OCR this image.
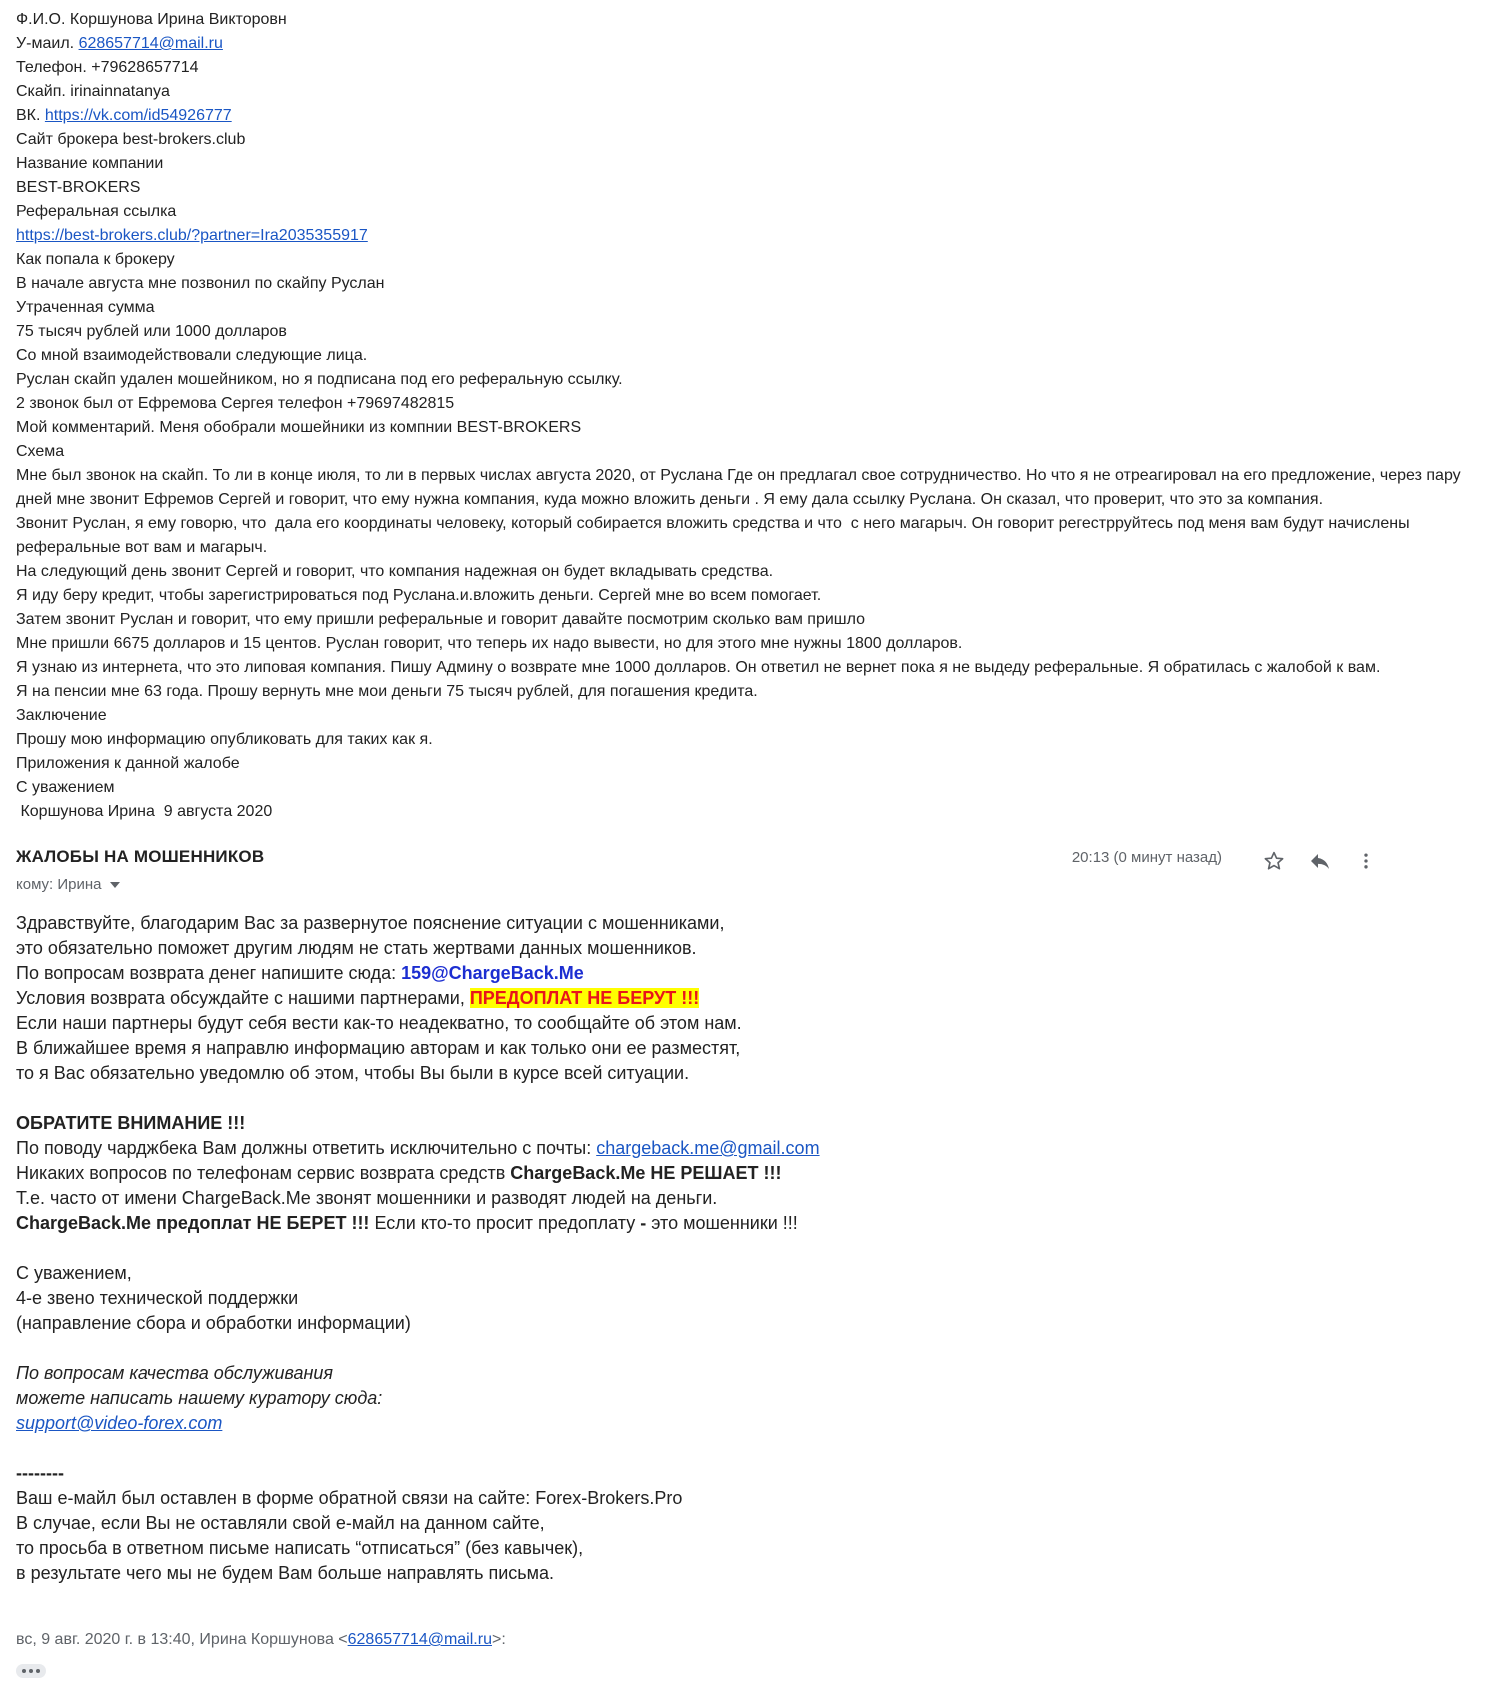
Ф.И.О. Коршунова Ирина Викторовн
У-маил. 628657714@mail.ru
Телефон. +79628657714
Скайп. irinainnatanya
ВК. https://vk.com/id54926777
Сайт брокера best-brokers.club
Название компании
BEST-BROKERS
Реферальная ссылка
https://best-brokers.club/?partner=Ira2035355917
Как попала к брокеру
В начале августа мне позвонил по скайпу Руслан
Утраченная сумма
75 тысяч рублей или 1000 долларов
Со мной взаимодействовали следующие лица.
Руслан скайп удален мошейником, но я подписана под его реферальную ссылку.
2 звонок был от Ефремова Сергея телефон +79697482815
Мой комментарий. Меня обобрали мошейники из компнии BEST-BROKERS
Схема
Мне был звонок на скайп. То ли в конце июля, то ли в первых числах августа 2020, от Руслана Где он предлагал свое сотрудничество. Но что я не отреагировал на его предложение, через пару дней мне звонит Ефремов Сергей и говорит, что ему нужна компания, куда можно вложить деньги . Я ему дала ссылку Руслана. Он сказал, что проверит, что это за компания.
Звонит Руслан, я ему говорю, что  дала его координаты человеку, который собирается вложить средства и что  с него магарыч. Он говорит регестрруйтесь под меня вам будут начислены реферальные вот вам и магарыч.
На следующий день звонит Сергей и говорит, что компания надежная он будет вкладывать средства.
Я иду беру кредит, чтобы зарегистрироваться под Руслана.и.вложить деньги. Сергей мне во всем помогает.
Затем звонит Руслан и говорит, что ему пришли реферальные и говорит давайте посмотрим сколько вам пришло
Мне пришли 6675 долларов и 15 центов. Руслан говорит, что теперь их надо вывести, но для этого мне нужны 1800 долларов.
Я узнаю из интернета, что это липовая компания. Пишу Админу о возврате мне 1000 долларов. Он ответил не вернет пока я не выдеду реферальные. Я обратилась с жалобой к вам.
Я на пенсии мне 63 года. Прошу вернуть мне мои деньги 75 тысяч рублей, для погашения кредита.
Заключение
Прошу мою информацию опубликовать для таких как я.
Приложения к данной жалобе
С уважением
Коршунова Ирина  9 августа 2020
ЖАЛОБЫ НА МОШЕННИКОВ
кому: Ирина
20:13 (0 минут назад)
Здравствуйте, благодарим Вас за развернутое пояснение ситуации с мошенниками,
это обязательно поможет другим людям не стать жертвами данных мошенников.
По вопросам возврата денег напишите сюда: 159@ChargeBack.Me
Условия возврата обсуждайте с нашими партнерами, ПРЕДОПЛАТ НЕ БЕРУТ !!!
Если наши партнеры будут себя вести как-то неадекватно, то сообщайте об этом нам.
В ближайшее время я направлю информацию авторам и как только они ее разместят,
то я Вас обязательно уведомлю об этом, чтобы Вы были в курсе всей ситуации.
ОБРАТИТЕ ВНИМАНИЕ !!!
По поводу чарджбека Вам должны ответить исключительно с почты: chargeback.me@gmail.com
Никаких вопросов по телефонам сервис возврата средств ChargeBack.Me НЕ РЕШАЕТ !!!
Т.е. часто от имени ChargeBack.Me звонят мошенники и разводят людей на деньги.
ChargeBack.Me предоплат НЕ БЕРЕТ !!! Если кто-то просит предоплату - это мошенники !!!
С уважением,
4-е звено технической поддержки
(направление сбора и обработки информации)
По вопросам качества обслуживания
можете написать нашему куратору сюда:
support@video-forex.com
--------
Ваш e-майл был оставлен в форме обратной связи на сайте: Forex-Brokers.Pro
В случае, если Вы не оставляли свой e-майл на данном сайте,
то просьба в ответном письме написать “отписаться” (без кавычек),
в результате чего мы не будем Вам больше направлять письма.
вс, 9 авг. 2020 г. в 13:40, Ирина Коршунова <628657714@mail.ru>:
